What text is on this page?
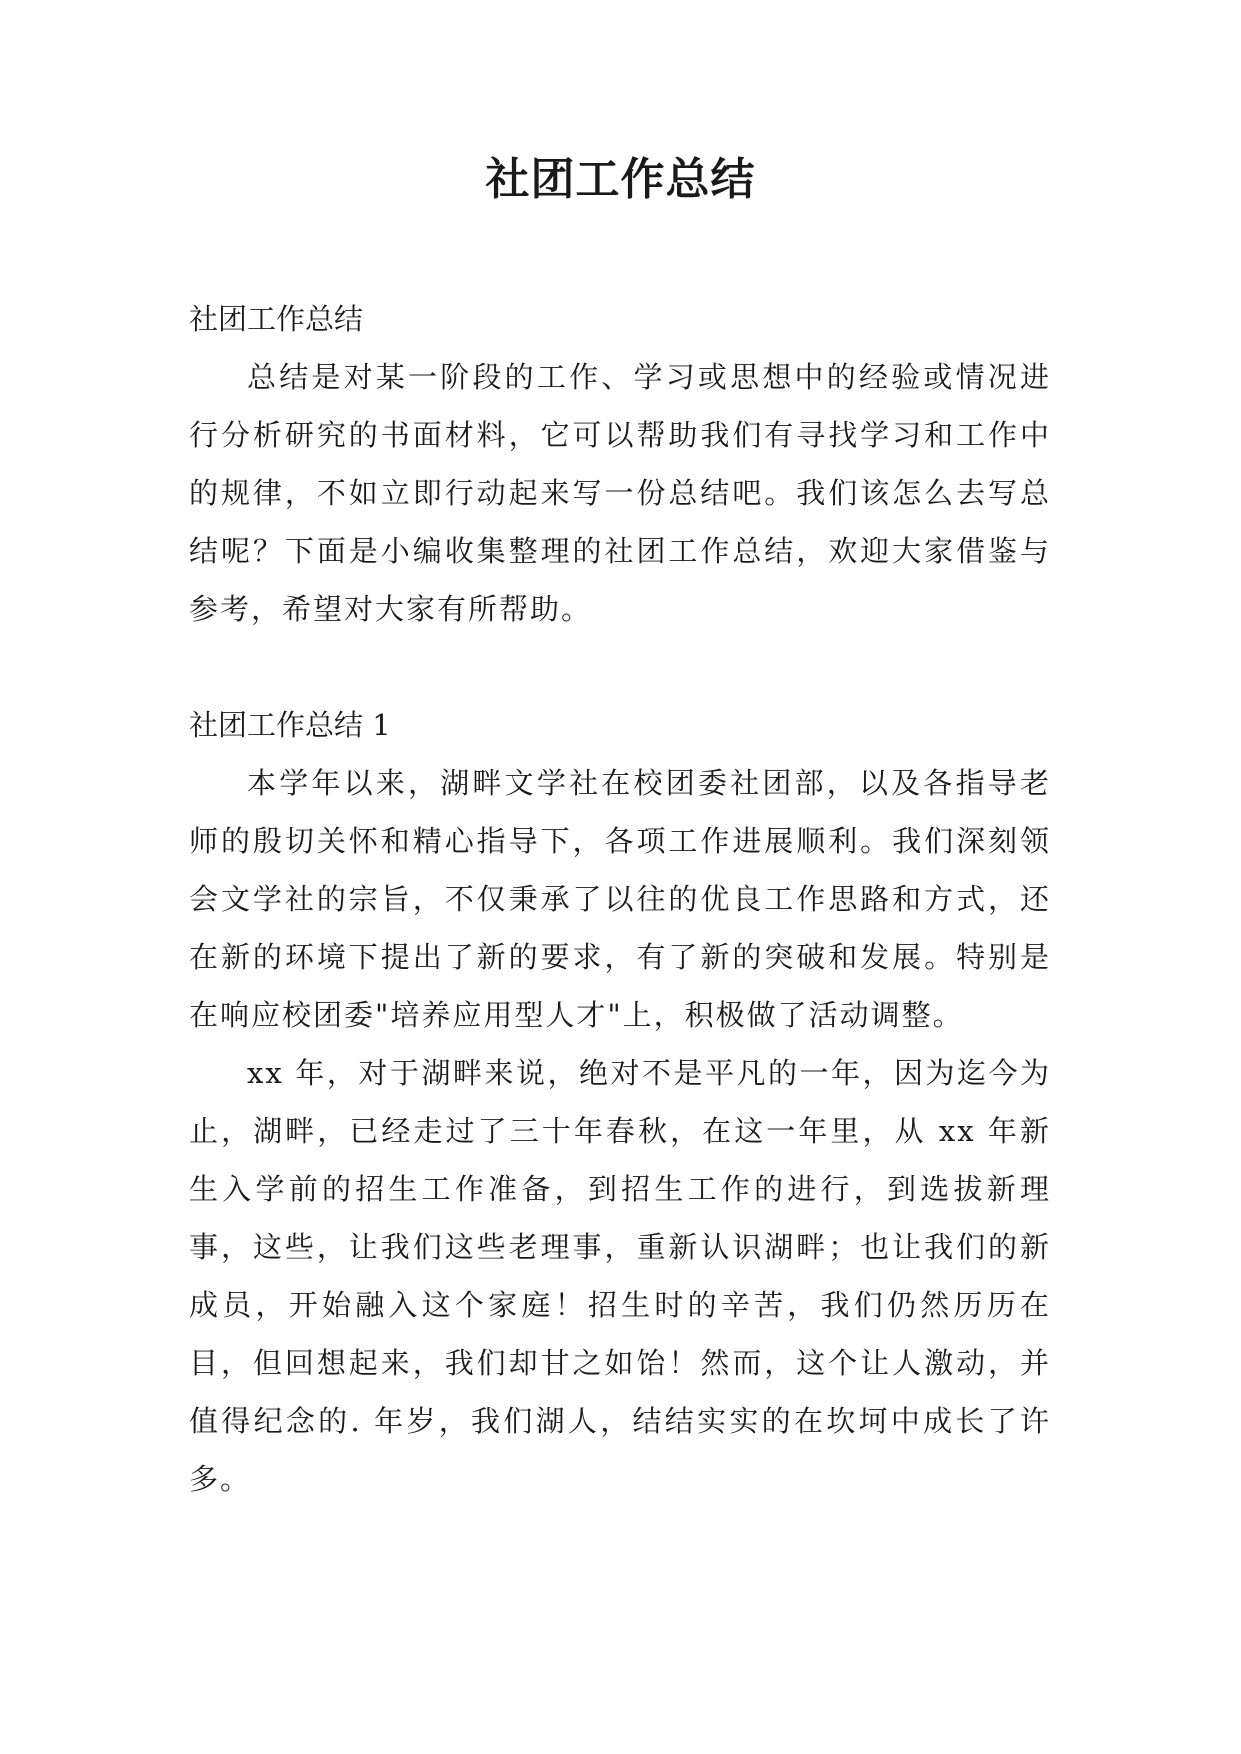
社团工作总结

社团工作总结

总结是对某一阶段的工作、学习或思想中的经验或情况进行分析研究的书面材料，它可以帮助我们有寻找学习和工作中的规律，不如立即行动起来写一份总结吧。我们该怎么去写总结呢？下面是小编收集整理的社团工作总结，欢迎大家借鉴与参考，希望对大家有所帮助。

社团工作总结 1

本学年以来，湖畔文学社在校团委社团部，以及各指导老师的殷切关怀和精心指导下，各项工作进展顺利。我们深刻领会文学社的宗旨，不仅秉承了以往的优良工作思路和方式，还在新的环境下提出了新的要求，有了新的突破和发展。特别是在响应校团委"培养应用型人才"上，积极做了活动调整。

xx 年，对于湖畔来说，绝对不是平凡的一年，因为迄今为止，湖畔，已经走过了三十年春秋，在这一年里，从 xx 年新生入学前的招生工作准备，到招生工作的进行，到选拔新理事，这些，让我们这些老理事，重新认识湖畔；也让我们的新成员，开始融入这个家庭！招生时的辛苦，我们仍然历历在目，但回想起来，我们却甘之如饴！然而，这个让人激动，并值得纪念的. 年岁，我们湖人，结结实实的在坎坷中成长了许多。
